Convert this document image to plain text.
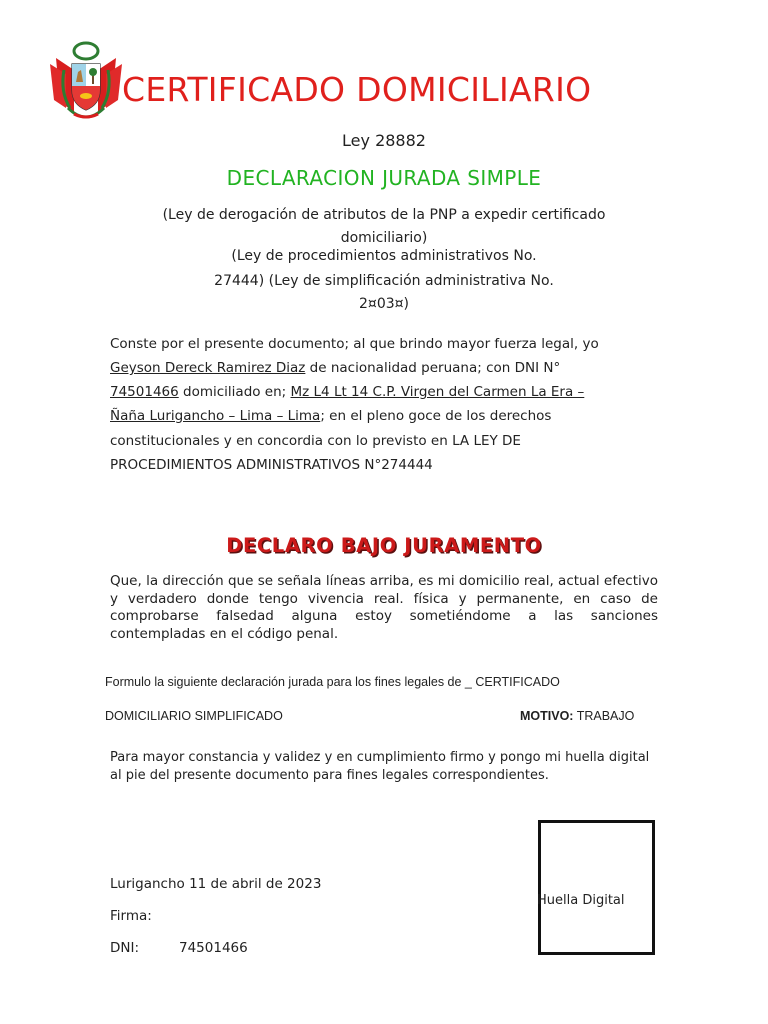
CERTIFICADO DOMICILIARIO
Ley 28882
DECLARACION JURADA SIMPLE
(Ley de derogación de atributos de la PNP a expedir certificado
domiciliario)
(Ley de procedimientos administrativos No.
27444) (Ley de simplificación administrativa No.
2¤03¤)
Conste por el presente documento; al que brindo mayor fuerza legal, yo
Geyson Dereck Ramirez Diaz de nacionalidad peruana; con DNI N°
74501466 domiciliado en; Mz L4 Lt 14 C.P. Virgen del Carmen La Era –
Ñaña Lurigancho – Lima – Lima; en el pleno goce de los derechos
constitucionales y en concordia con lo previsto en LA LEY DE
PROCEDIMIENTOS ADMINISTRATIVOS N°274444
DECLARO BAJO JURAMENTO
Que, la dirección que se señala líneas arriba, es mi domicilio real, actual efectivo y verdadero donde tengo vivencia real. física y permanente, en caso de comprobarse falsedad alguna estoy sometiéndome a las sanciones contempladas en el código penal.
Formulo la siguiente declaración jurada para los fines legales de _ CERTIFICADO
DOMICILIARIO SIMPLIFICADO	MOTIVO: TRABAJO
Para mayor constancia y validez y en cumplimiento firmo y pongo mi huella digital al pie del presente documento para fines legales correspondientes.
Huella Digital
Lurigancho 11 de abril de 2023
Firma:
DNI:	74501466
